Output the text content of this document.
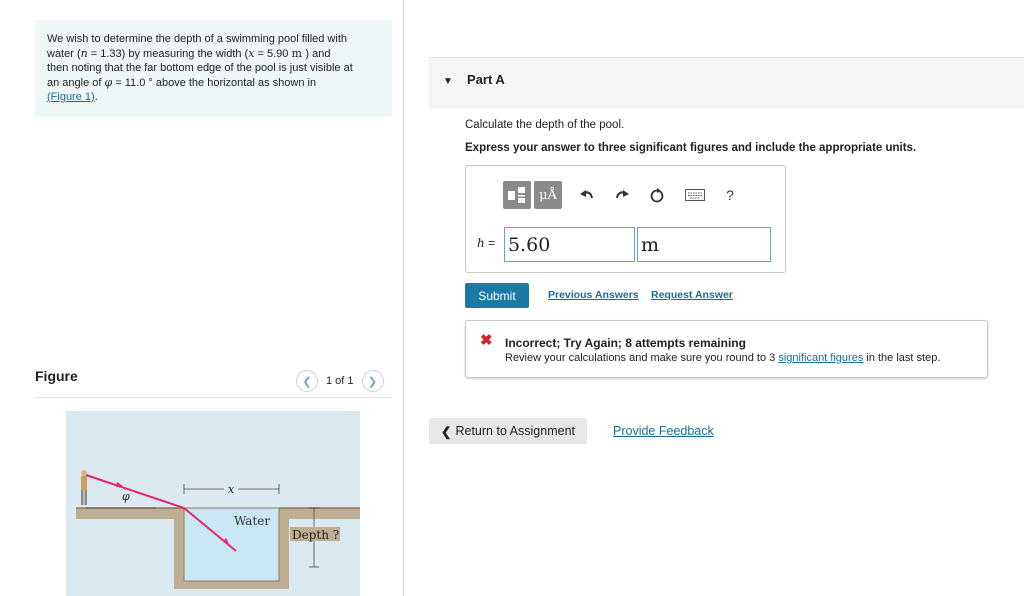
We wish to determine the depth of a swimming pool filled with
water (n = 1.33) by measuring the width (x = 5.90 m ) and
then noting that the far bottom edge of the pool is just visible at
an angle of φ = 11.0 ° above the horizontal as shown in
(Figure 1).
Figure	❮	1 of 1	❯
φ
x
Water
Depth ?
▼ Part A
Calculate the depth of the pool.
Express your answer to three significant figures and include the appropriate units.
μÅ	?
h = 5.60	m
Submit	Previous Answers Request Answer
✖ Incorrect; Try Again; 8 attempts remaining
Review your calculations and make sure you round to 3 significant figures in the last step.
❮ Return to Assignment	Provide Feedback
